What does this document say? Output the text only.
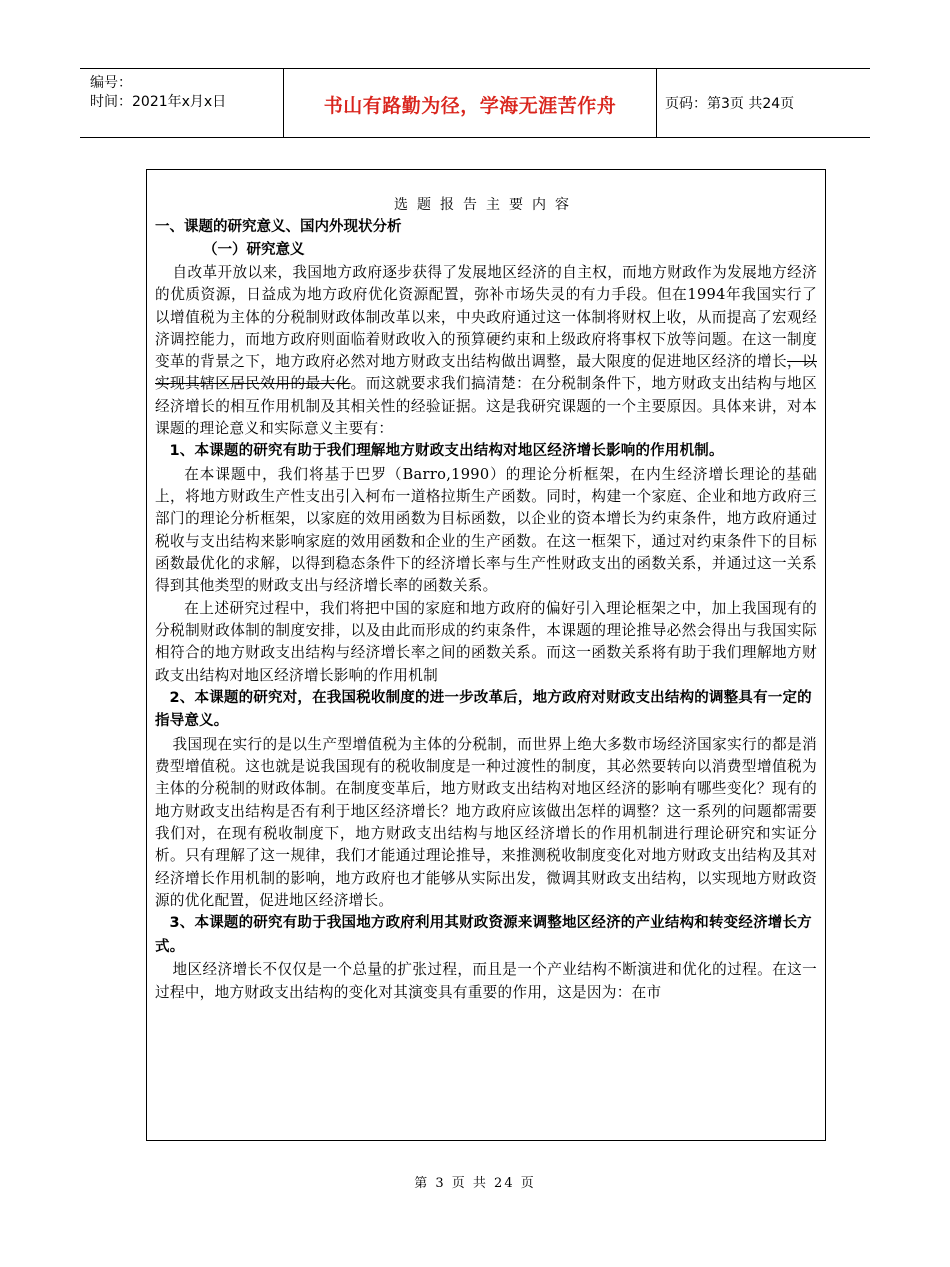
编号：
时间：2021年x月x日	书山有路勤为径，学海无涯苦作舟	页码：第3页 共24页

选题报告主要内容

一、课题的研究意义、国内外现状分析

（一）研究意义

自改革开放以来，我国地方政府逐步获得了发展地区经济的自主权，而地方财政作为发展地方经济的优质资源，日益成为地方政府优化资源配置，弥补市场失灵的有力手段。但在1994年我国实行了以增值税为主体的分税制财政体制改革以来，中央政府通过这一体制将财权上收，从而提高了宏观经济调控能力，而地方政府则面临着财政收入的预算硬约束和上级政府将事权下放等问题。在这一制度变革的背景之下，地方政府必然对地方财政支出结构做出调整，最大限度的促进地区经济的增长，以实现其辖区居民效用的最大化。而这就要求我们搞清楚：在分税制条件下，地方财政支出结构与地区经济增长的相互作用机制及其相关性的经验证据。这是我研究课题的一个主要原因。具体来讲，对本课题的理论意义和实际意义主要有：

1、本课题的研究有助于我们理解地方财政支出结构对地区经济增长影响的作用机制。

在本课题中，我们将基于巴罗（Barro,1990）的理论分析框架，在内生经济增长理论的基础上，将地方财政生产性支出引入柯布一道格拉斯生产函数。同时，构建一个家庭、企业和地方政府三部门的理论分析框架，以家庭的效用函数为目标函数，以企业的资本增长为约束条件，地方政府通过税收与支出结构来影响家庭的效用函数和企业的生产函数。在这一框架下，通过对约束条件下的目标函数最优化的求解，以得到稳态条件下的经济增长率与生产性财政支出的函数关系，并通过这一关系得到其他类型的财政支出与经济增长率的函数关系。

在上述研究过程中，我们将把中国的家庭和地方政府的偏好引入理论框架之中，加上我国现有的分税制财政体制的制度安排，以及由此而形成的约束条件，本课题的理论推导必然会得出与我国实际相符合的地方财政支出结构与经济增长率之间的函数关系。而这一函数关系将有助于我们理解地方财政支出结构对地区经济增长影响的作用机制

2、本课题的研究对，在我国税收制度的进一步改革后，地方政府对财政支出结构的调整具有一定的指导意义。

我国现在实行的是以生产型增值税为主体的分税制，而世界上绝大多数市场经济国家实行的都是消费型增值税。这也就是说我国现有的税收制度是一种过渡性的制度，其必然要转向以消费型增值税为主体的分税制的财政体制。在制度变革后，地方财政支出结构对地区经济的影响有哪些变化？现有的地方财政支出结构是否有利于地区经济增长？地方政府应该做出怎样的调整？这一系列的问题都需要我们对，在现有税收制度下，地方财政支出结构与地区经济增长的作用机制进行理论研究和实证分析。只有理解了这一规律，我们才能通过理论推导，来推测税收制度变化对地方财政支出结构及其对经济增长作用机制的影响，地方政府也才能够从实际出发，微调其财政支出结构，以实现地方财政资源的优化配置，促进地区经济增长。

3、本课题的研究有助于我国地方政府利用其财政资源来调整地区经济的产业结构和转变经济增长方式。

地区经济增长不仅仅是一个总量的扩张过程，而且是一个产业结构不断演进和优化的过程。在这一过程中，地方财政支出结构的变化对其演变具有重要的作用，这是因为：在市

第 3 页 共 24 页
